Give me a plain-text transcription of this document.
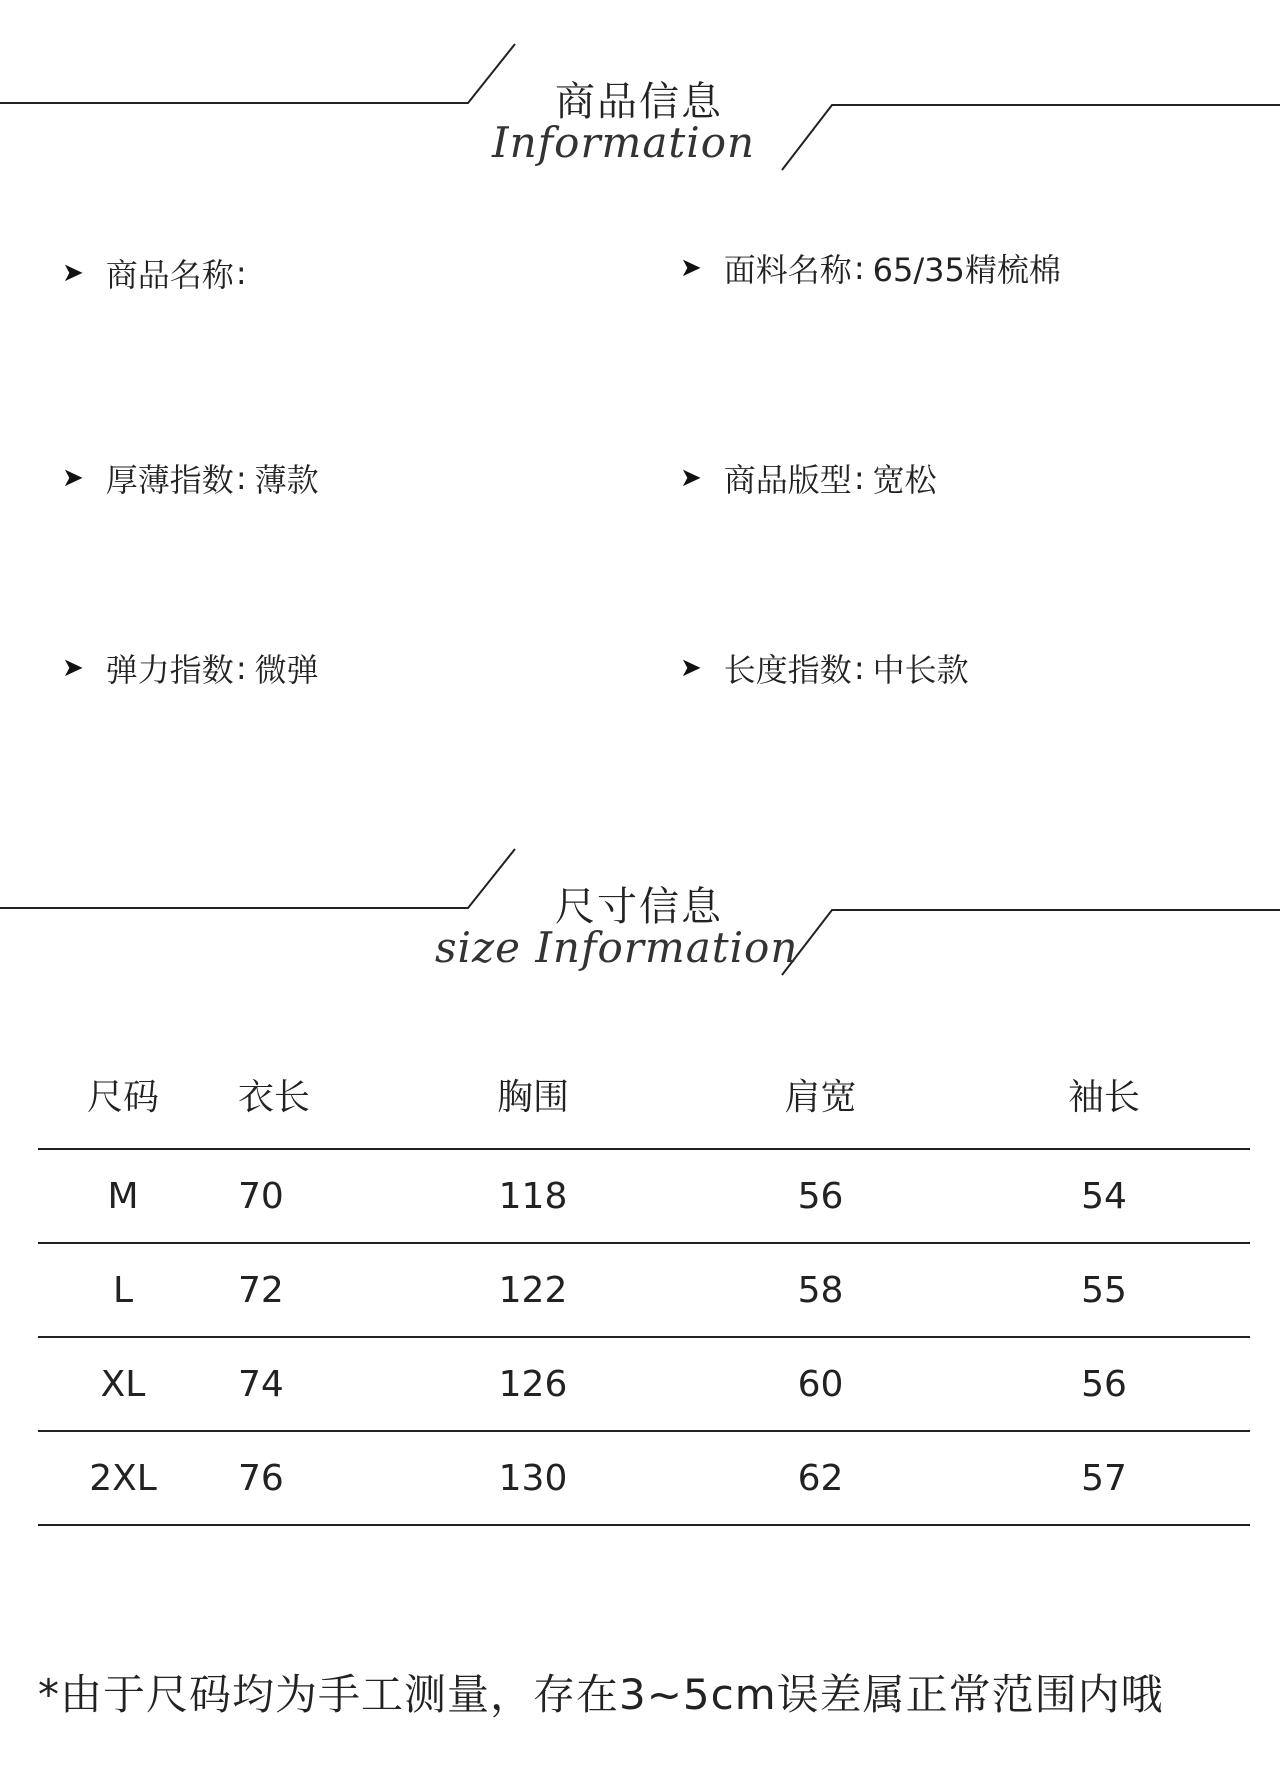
商品信息
Information
➤ 商品名称 :	➤ 面料名称 : 65/35精梳棉
➤ 厚薄指数 : 薄款	➤ 商品版型 : 宽松
➤ 弹力指数 : 微弹	➤ 长度指数 : 中长款
尺寸信息
size Information
尺码	衣长	胸围	肩宽	袖长
M	70	118	56	54
L	72	122	58	55
XL	74	126	60	56
2XL	76	130	62	57
*由于尺码均为手工测量，存在3~5cm误差属正常范围内哦
